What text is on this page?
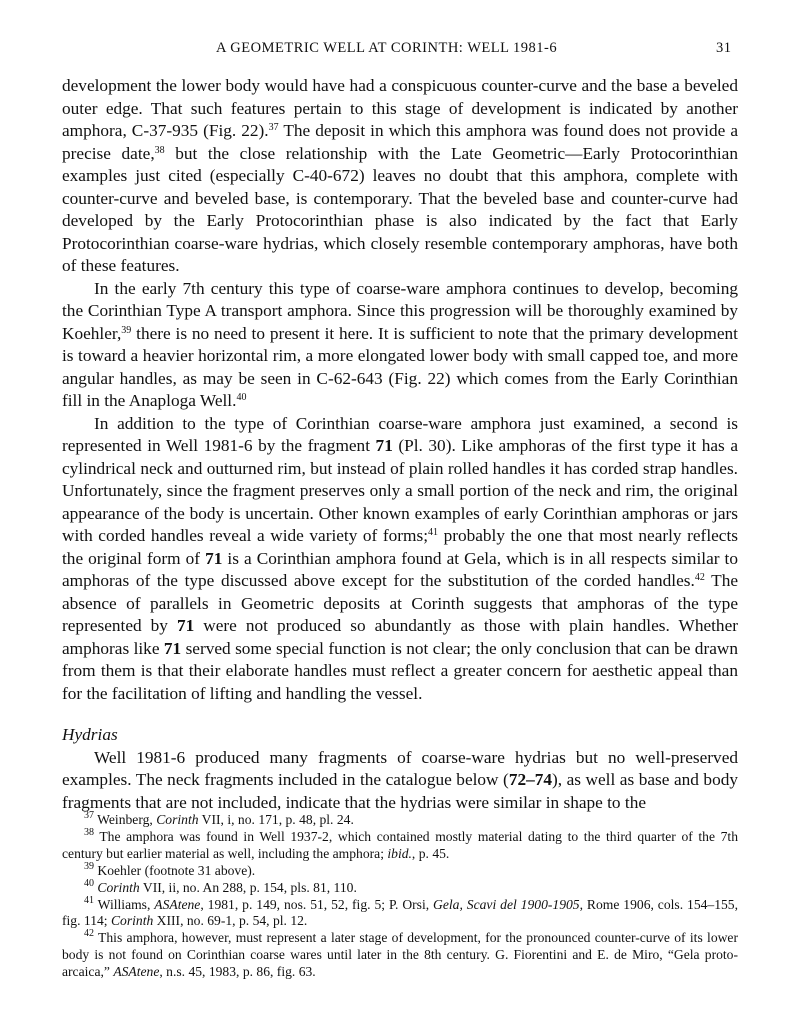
A GEOMETRIC WELL AT CORINTH: WELL 1981-6	31

development the lower body would have had a conspicuous counter-curve and the base a beveled outer edge. That such features pertain to this stage of development is indicated by another amphora, C-37-935 (Fig. 22).$^{37}$ The deposit in which this amphora was found does not provide a precise date,$^{38}$ but the close relationship with the Late Geometric—Early Protocorinthian examples just cited (especially C-40-672) leaves no doubt that this amphora, complete with counter-curve and beveled base, is contemporary. That the beveled base and counter-curve had developed by the Early Protocorinthian phase is also indicated by the fact that Early Protocorinthian coarse-ware hydrias, which closely resemble contemporary amphoras, have both of these features.

In the early 7th century this type of coarse-ware amphora continues to develop, becoming the Corinthian Type A transport amphora. Since this progression will be thoroughly examined by Koehler,$^{39}$ there is no need to present it here. It is sufficient to note that the primary development is toward a heavier horizontal rim, a more elongated lower body with small capped toe, and more angular handles, as may be seen in C-62-643 (Fig. 22) which comes from the Early Corinthian fill in the Anaploga Well.$^{40}$

In addition to the type of Corinthian coarse-ware amphora just examined, a second is represented in Well 1981-6 by the fragment 71 (Pl. 30). Like amphoras of the first type it has a cylindrical neck and outturned rim, but instead of plain rolled handles it has corded strap handles. Unfortunately, since the fragment preserves only a small portion of the neck and rim, the original appearance of the body is uncertain. Other known examples of early Corinthian amphoras or jars with corded handles reveal a wide variety of forms;$^{41}$ probably the one that most nearly reflects the original form of 71 is a Corinthian amphora found at Gela, which is in all respects similar to amphoras of the type discussed above except for the substitution of the corded handles.$^{42}$ The absence of parallels in Geometric deposits at Corinth suggests that amphoras of the type represented by 71 were not produced so abundantly as those with plain handles. Whether amphoras like 71 served some special function is not clear; the only conclusion that can be drawn from them is that their elaborate handles must reflect a greater concern for aesthetic appeal than for the facilitation of lifting and handling the vessel.

Hydrias

Well 1981-6 produced many fragments of coarse-ware hydrias but no well-preserved examples. The neck fragments included in the catalogue below (72–74), as well as base and body fragments that are not included, indicate that the hydrias were similar in shape to the

$^{37}$ Weinberg, Corinth VII, i, no. 171, p. 48, pl. 24.

$^{38}$ The amphora was found in Well 1937-2, which contained mostly material dating to the third quarter of the 7th century but earlier material as well, including the amphora; ibid., p. 45.

$^{39}$ Koehler (footnote 31 above).

$^{40}$ Corinth VII, ii, no. An 288, p. 154, pls. 81, 110.

$^{41}$ Williams, ASAtene, 1981, p. 149, nos. 51, 52, fig. 5; P. Orsi, Gela, Scavi del 1900-1905, Rome 1906, cols. 154–155, fig. 114; Corinth XIII, no. 69-1, p. 54, pl. 12.

$^{42}$ This amphora, however, must represent a later stage of development, for the pronounced counter-curve of its lower body is not found on Corinthian coarse wares until later in the 8th century. G. Fiorentini and E. de Miro, “Gela proto-arcaica,” ASAtene, n.s. 45, 1983, p. 86, fig. 63.
